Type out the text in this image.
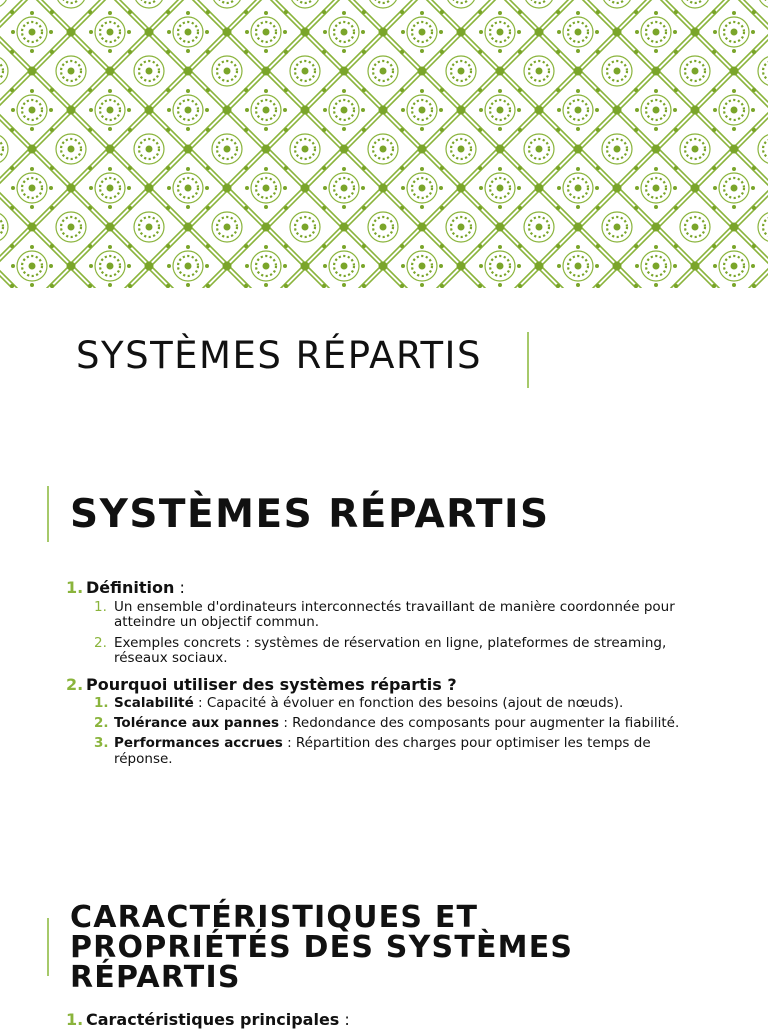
SYSTÈMES RÉPARTIS
SYSTÈMES RÉPARTIS
1. Définition :
1. Un ensemble d'ordinateurs interconnectés travaillant de manière coordonnée pour atteindre un objectif commun.
2. Exemples concrets : systèmes de réservation en ligne, plateformes de streaming, réseaux sociaux.
2. Pourquoi utiliser des systèmes répartis ?
1. Scalabilité : Capacité à évoluer en fonction des besoins (ajout de nœuds).
2. Tolérance aux pannes : Redondance des composants pour augmenter la fiabilité.
3. Performances accrues : Répartition des charges pour optimiser les temps de réponse.
CARACTÉRISTIQUES ET PROPRIÉTÉS DES SYSTÈMES RÉPARTIS
1. Caractéristiques principales :
